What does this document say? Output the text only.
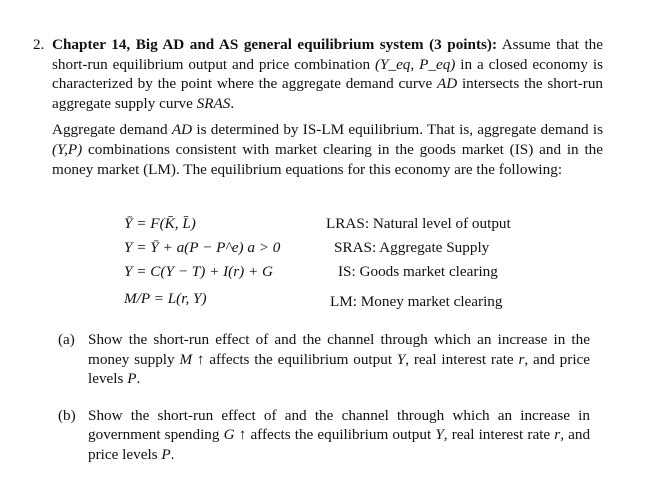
2. Chapter 14, Big AD and AS general equilibrium system (3 points): Assume that the short-run equilibrium output and price combination (Y_eq, P_eq) in a closed economy is characterized by the point where the aggregate demand curve AD intersects the short-run aggregate supply curve SRAS.

Aggregate demand AD is determined by IS-LM equilibrium. That is, aggregate demand is (Y,P) combinations consistent with market clearing in the goods market (IS) and in the money market (LM). The equilibrium equations for this economy are the following:

Ȳ = F(K̄, L̄)	LRAS: Natural level of output
Y = Ȳ + a(P − P^e) a > 0	SRAS: Aggregate Supply
Y = C(Y − T) + I(r) + G	IS: Goods market clearing
M/P = L(r, Y)	LM: Money market clearing
(a) Show the short-run effect of and the channel through which an increase in the money supply M ↑ affects the equilibrium output Y, real interest rate r, and price levels P.
(b) Show the short-run effect of and the channel through which an increase in government spending G ↑ affects the equilibrium output Y, real interest rate r, and price levels P.
